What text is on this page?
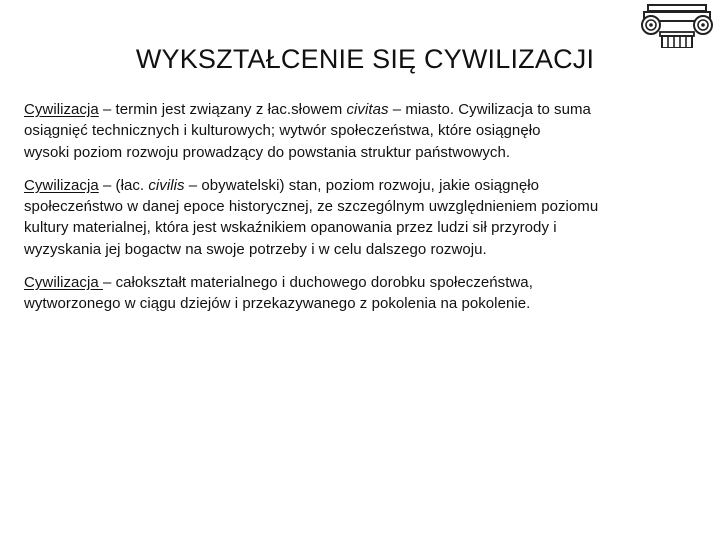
WYKSZTAŁCENIE SIĘ CYWILIZACJI

Cywilizacja – termin jest związany z łac.słowem civitas – miasto. Cywilizacja to suma
osiągnięć technicznych i kulturowych; wytwór społeczeństwa, które osiągnęło
wysoki poziom rozwoju prowadzący do powstania struktur państwowych.

Cywilizacja – (łac. civilis – obywatelski) stan, poziom rozwoju, jakie osiągnęło
społeczeństwo w danej epoce historycznej, ze szczególnym uwzględnieniem poziomu
kultury materialnej, która jest wskaźnikiem opanowania przez ludzi sił przyrody i
wyzyskania jej bogactw na swoje potrzeby i w celu dalszego rozwoju.

Cywilizacja – całokształt materialnego i duchowego dorobku społeczeństwa,
wytworzonego w ciągu dziejów i przekazywanego z pokolenia na pokolenie.
